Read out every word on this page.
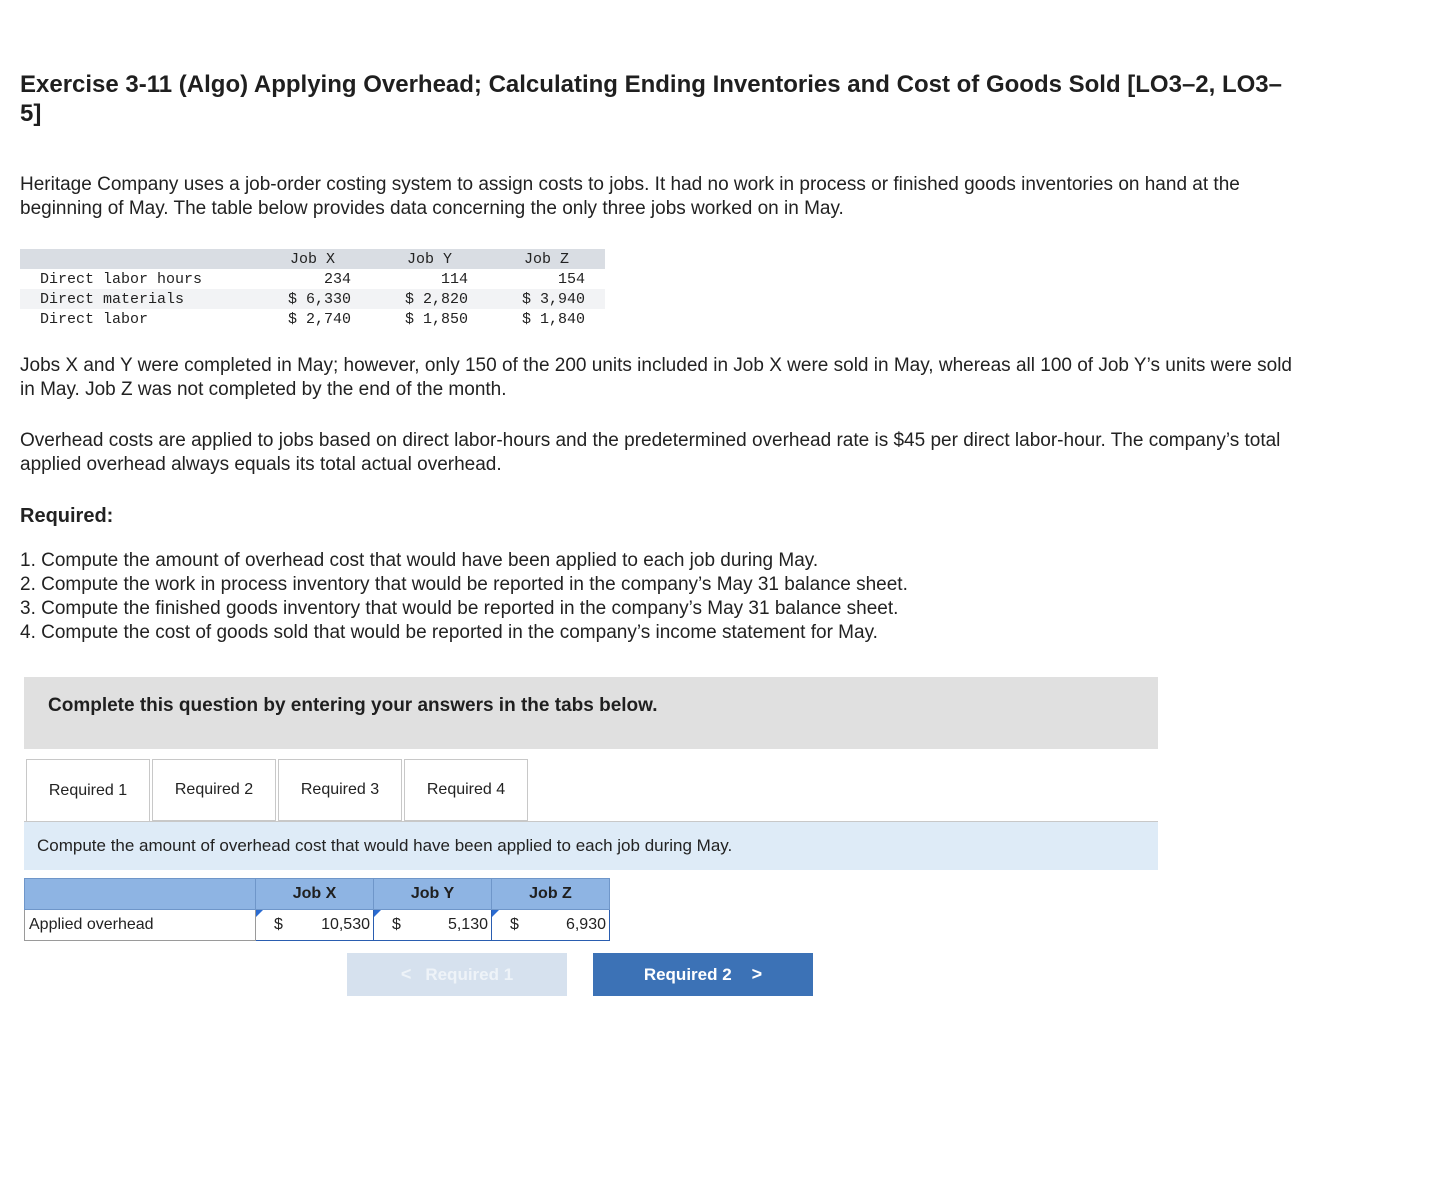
Exercise 3-11 (Algo) Applying Overhead; Calculating Ending Inventories and Cost of Goods Sold [LO3–2, LO3–5]

Heritage Company uses a job-order costing system to assign costs to jobs. It had no work in process or finished goods inventories on hand at the beginning of May. The table below provides data concerning the only three jobs worked on in May.

	Job X	Job Y	Job Z
Direct labor hours	234	114	154
Direct materials	$ 6,330	$ 2,820	$ 3,940
Direct labor	$ 2,740	$ 1,850	$ 1,840

Jobs X and Y were completed in May; however, only 150 of the 200 units included in Job X were sold in May, whereas all 100 of Job Y’s units were sold in May. Job Z was not completed by the end of the month.

Overhead costs are applied to jobs based on direct labor-hours and the predetermined overhead rate is $45 per direct labor-hour. The company’s total applied overhead always equals its total actual overhead.

Required:
1. Compute the amount of overhead cost that would have been applied to each job during May.
2. Compute the work in process inventory that would be reported in the company’s May 31 balance sheet.
3. Compute the finished goods inventory that would be reported in the company’s May 31 balance sheet.
4. Compute the cost of goods sold that would be reported in the company’s income statement for May.
Complete this question by entering your answers in the tabs below.
Required 1	Required 2	Required 3	Required 4
Compute the amount of overhead cost that would have been applied to each job during May.
	Job X	Job Y	Job Z
Applied overhead	$ 10,530	$ 5,130	$ 6,930
< Required 1	Required 2 >
